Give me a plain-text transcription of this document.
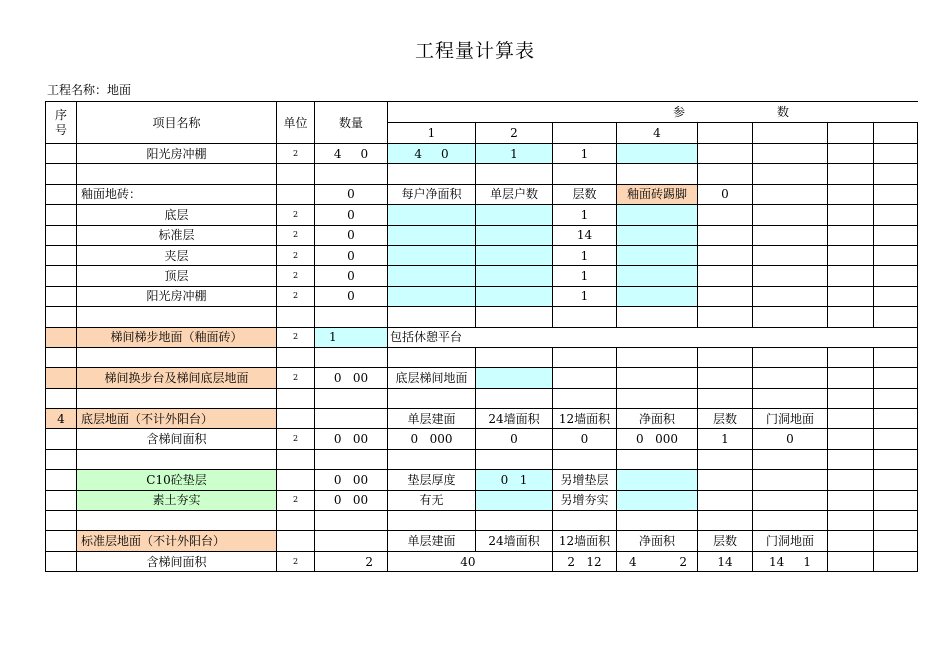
工程量计算表
工程名称：地面
序号	项目名称	单位	数量	参 数							
				1	2		4				
	阳光房冲棚	2	4     0	4     0	1	1					

	釉面地砖：		0	每户净面积	单层户数	层数	釉面砖踢脚	0			
	底层	2	0			1					
	标准层	2	0			14					
	夹层	2	0			1					
	顶层	2	0			1					
	阳光房冲棚	2	0			1					

	梯间梯步地面（釉面砖）	2	1	包括休憩平台							

	梯间换步台及梯间底层地面	2	0   00	底层梯间地面							

4	底层地面（不计外阳台）			单层建面	24墙面积	12墙面积	净面积	层数	门洞地面		
	含梯间面积	2	0   00	0   000	0	0	0   000	1	0		

	C10砼垫层		0   00	垫层厚度	0   1	另增垫层					
	素土夯实	2	0   00	有无		另增夯实					

	标准层地面（不计外阳台）			单层建面	24墙面积	12墙面积	净面积	层数	门洞地面		
	含梯间面积	2	2	40		2   12	4 2	14	14     1		
